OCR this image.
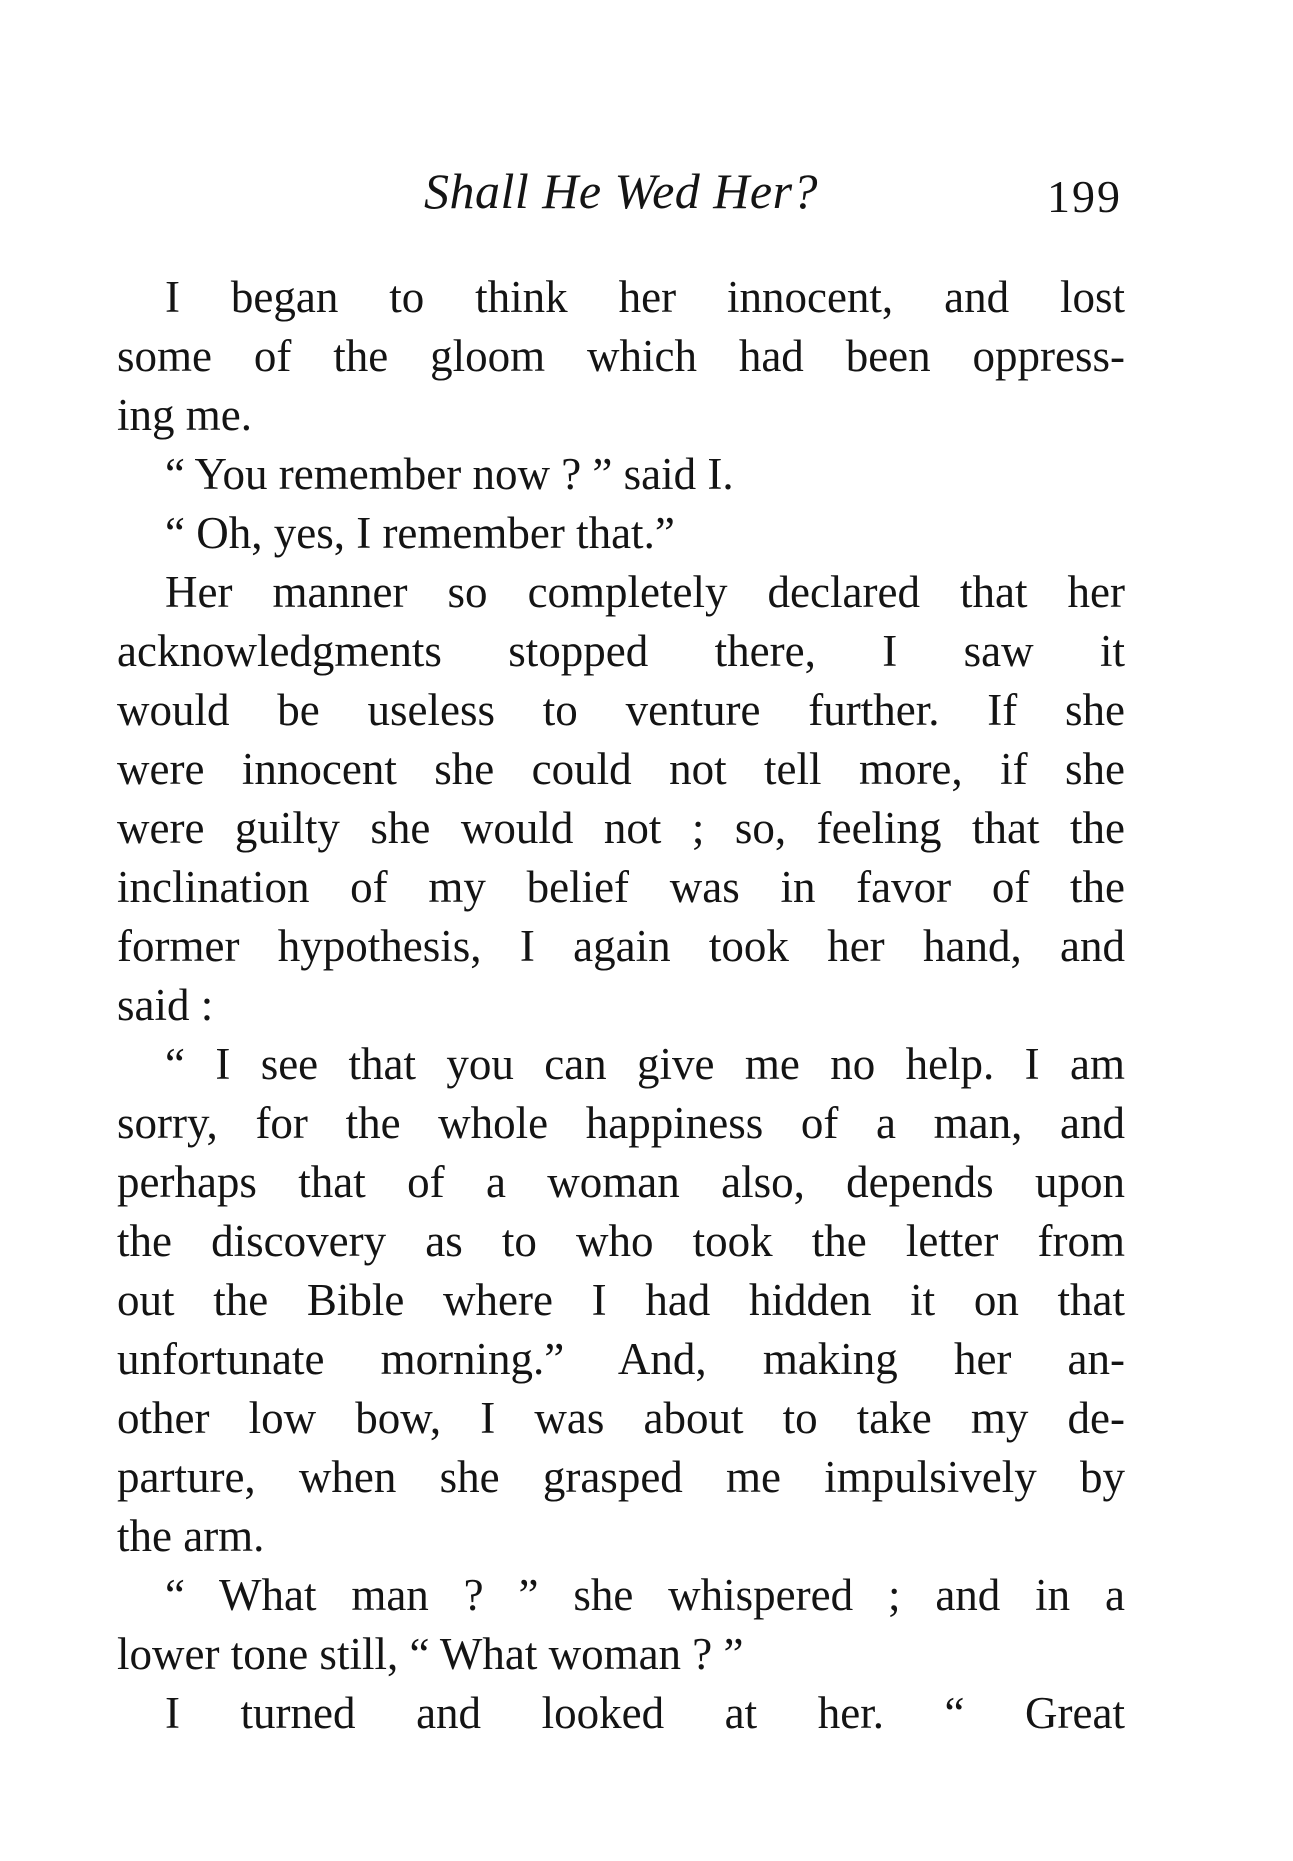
Shall He Wed Her?	199
I began to think her innocent, and lost
some of the gloom which had been oppress-
ing me.
“ You remember now ? ” said I.
“ Oh, yes, I remember that.”
Her manner so completely declared that her
acknowledgments stopped there, I saw it
would be useless to venture further. If she
were innocent she could not tell more, if she
were guilty she would not ; so, feeling that the
inclination of my belief was in favor of the
former hypothesis, I again took her hand, and
said :
“ I see that you can give me no help. I am
sorry, for the whole happiness of a man, and
perhaps that of a woman also, depends upon
the discovery as to who took the letter from
out the Bible where I had hidden it on that
unfortunate morning.” And, making her an-
other low bow, I was about to take my de-
parture, when she grasped me impulsively by
the arm.
“ What man ? ” she whispered ; and in a
lower tone still, “ What woman ? ”
I turned and looked at her. “ Great
